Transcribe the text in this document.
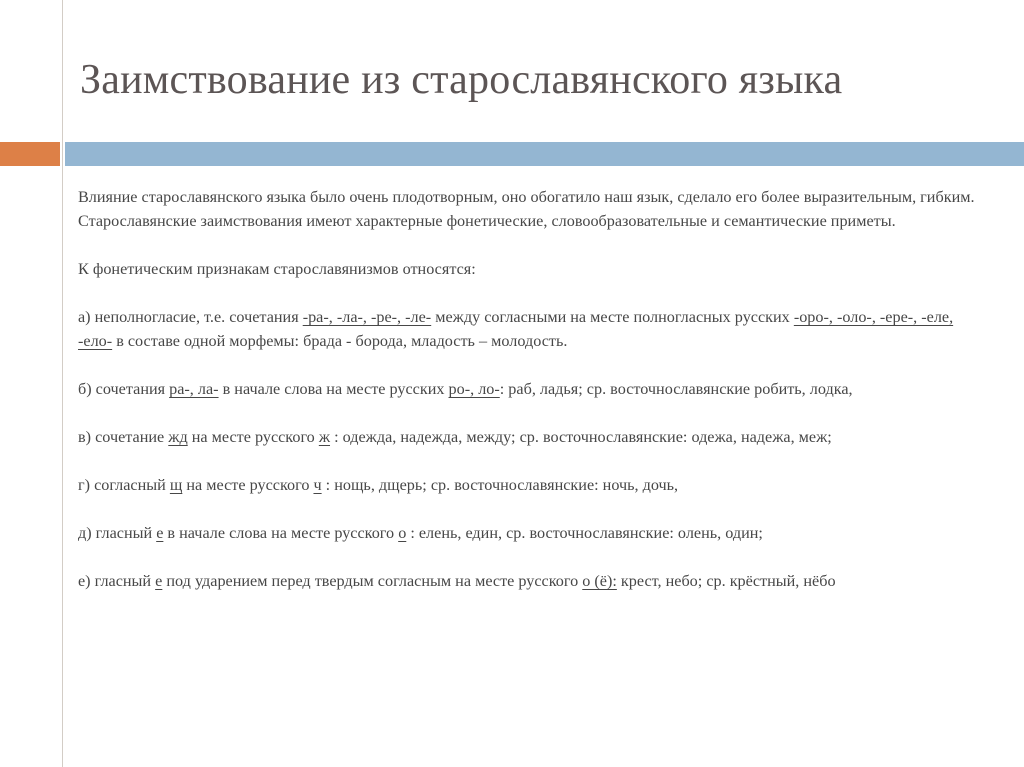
Заимствование из старославянского языка

Влияние старославянского языка было очень плодотворным, оно обогатило наш язык, сделало его более выразительным, гибким.
Старославянские заимствования имеют характерные фонетические, словообразовательные и семантические приметы.

К фонетическим признакам старославянизмов относятся:

а) неполногласие, т.е. сочетания -ра-, -ла-, -ре-, -ле- между согласными на месте полногласных русских -оро-, -оло-, -ере-, -еле, -ело- в составе одной морфемы: брада - борода, младость – молодость.

б) сочетания ра-, ла- в начале слова на месте русских ро-, ло-: раб, ладья; ср. восточнославянские робить, лодка,

в) сочетание жд на месте русского ж : одежда, надежда, между; ср. восточнославянские: одежа, надежа, меж;

г) согласный щ на месте русского ч : нощь, дщерь; ср. восточнославянские: ночь, дочь,

д) гласный е в начале слова на месте русского о : елень, един, ср. восточнославянские: олень, один;

е) гласный е под ударением перед твердым согласным на месте русского о (ё): крест, небо; ср. крёстный, нёбо
